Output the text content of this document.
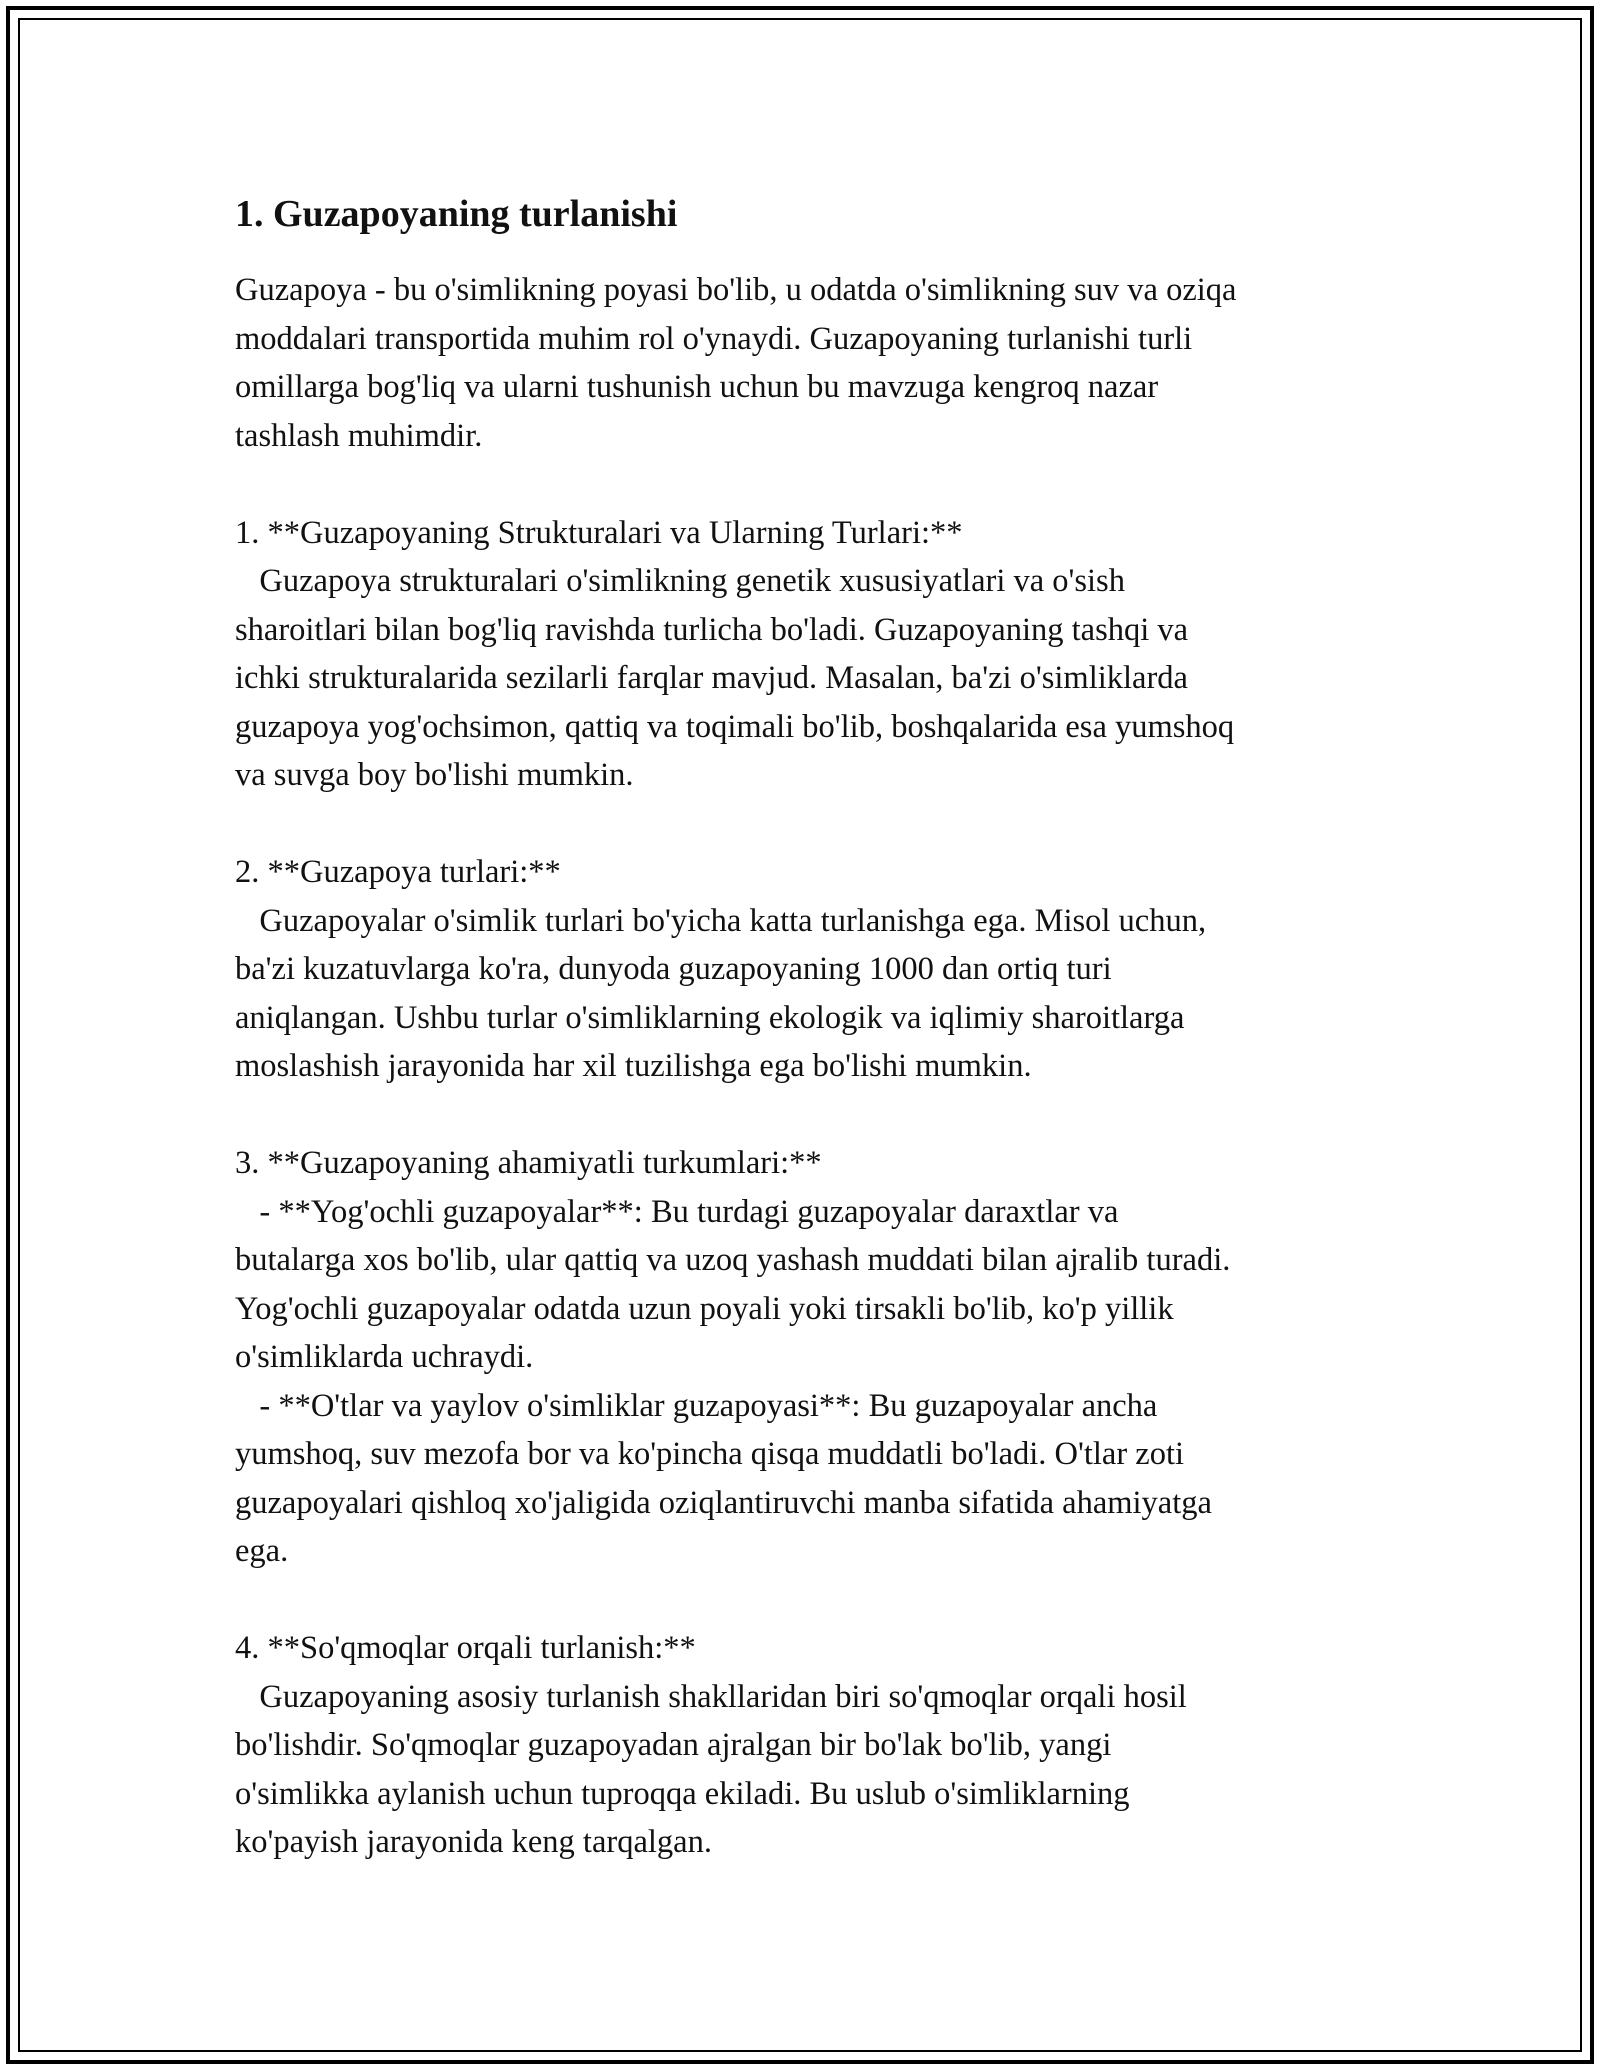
1. Guzapoyaning turlanishi

Guzapoya - bu o'simlikning poyasi bo'lib, u odatda o'simlikning suv va oziqa
moddalari transportida muhim rol o'ynaydi. Guzapoyaning turlanishi turli
omillarga bog'liq va ularni tushunish uchun bu mavzuga kengroq nazar
tashlash muhimdir.

1. **Guzapoyaning Strukturalari va Ularning Turlari:**

Guzapoya strukturalari o'simlikning genetik xususiyatlari va o'sish
sharoitlari bilan bog'liq ravishda turlicha bo'ladi. Guzapoyaning tashqi va
ichki strukturalarida sezilarli farqlar mavjud. Masalan, ba'zi o'simliklarda
guzapoya yog'ochsimon, qattiq va toqimali bo'lib, boshqalarida esa yumshoq
va suvga boy bo'lishi mumkin.

2. **Guzapoya turlari:**

Guzapoyalar o'simlik turlari bo'yicha katta turlanishga ega. Misol uchun,
ba'zi kuzatuvlarga ko'ra, dunyoda guzapoyaning 1000 dan ortiq turi
aniqlangan. Ushbu turlar o'simliklarning ekologik va iqlimiy sharoitlarga
moslashish jarayonida har xil tuzilishga ega bo'lishi mumkin.

3. **Guzapoyaning ahamiyatli turkumlari:**

- **Yog'ochli guzapoyalar**: Bu turdagi guzapoyalar daraxtlar va
butalarga xos bo'lib, ular qattiq va uzoq yashash muddati bilan ajralib turadi.
Yog'ochli guzapoyalar odatda uzun poyali yoki tirsakli bo'lib, ko'p yillik
o'simliklarda uchraydi.
- **O'tlar va yaylov o'simliklar guzapoyasi**: Bu guzapoyalar ancha
yumshoq, suv mezofa bor va ko'pincha qisqa muddatli bo'ladi. O'tlar zoti
guzapoyalari qishloq xo'jaligida oziqlantiruvchi manba sifatida ahamiyatga
ega.

4. **So'qmoqlar orqali turlanish:**

Guzapoyaning asosiy turlanish shakllaridan biri so'qmoqlar orqali hosil
bo'lishdir. So'qmoqlar guzapoyadan ajralgan bir bo'lak bo'lib, yangi
o'simlikka aylanish uchun tuproqqa ekiladi. Bu uslub o'simliklarning
ko'payish jarayonida keng tarqalgan.
